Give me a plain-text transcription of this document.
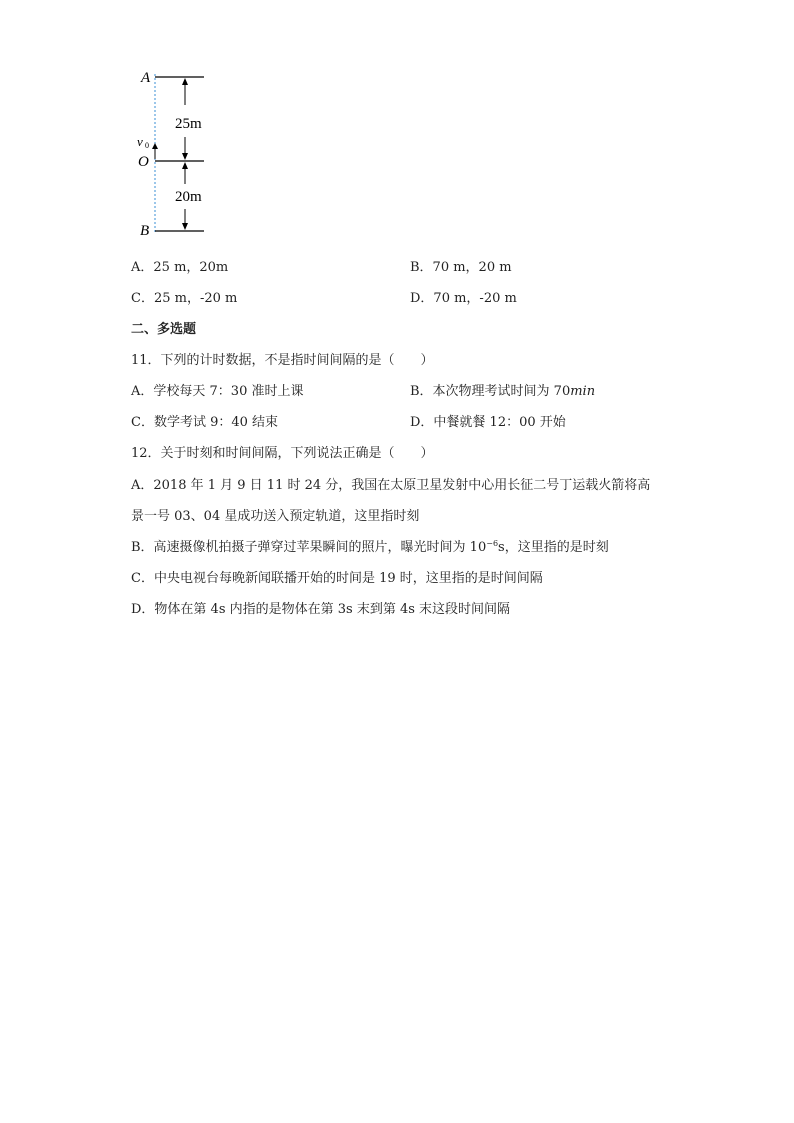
A
v 0
O
B
25m
20m
A．25 m，20m	B．70 m，20 m
C．25 m，-20 m	D．70 m，-20 m
二、多选题
11．下列的计时数据，不是指时间间隔的是（　　）
A．学校每天 7：30 准时上课	B．本次物理考试时间为 70min
C．数学考试 9：40 结束	D．中餐就餐 12：00 开始
12．关于时刻和时间间隔，下列说法正确是（　　）
A．2018 年 1 月 9 日 11 时 24 分，我国在太原卫星发射中心用长征二号丁运载火箭将高
景一号 03、04 星成功送入预定轨道，这里指时刻
B．高速摄像机拍摄子弹穿过苹果瞬间的照片，曝光时间为 $10^{-6}s$，这里指的是时刻
C．中央电视台每晚新闻联播开始的时间是 19 时，这里指的是时间间隔
D．物体在第 4s 内指的是物体在第 3s 末到第 4s 末这段时间间隔
